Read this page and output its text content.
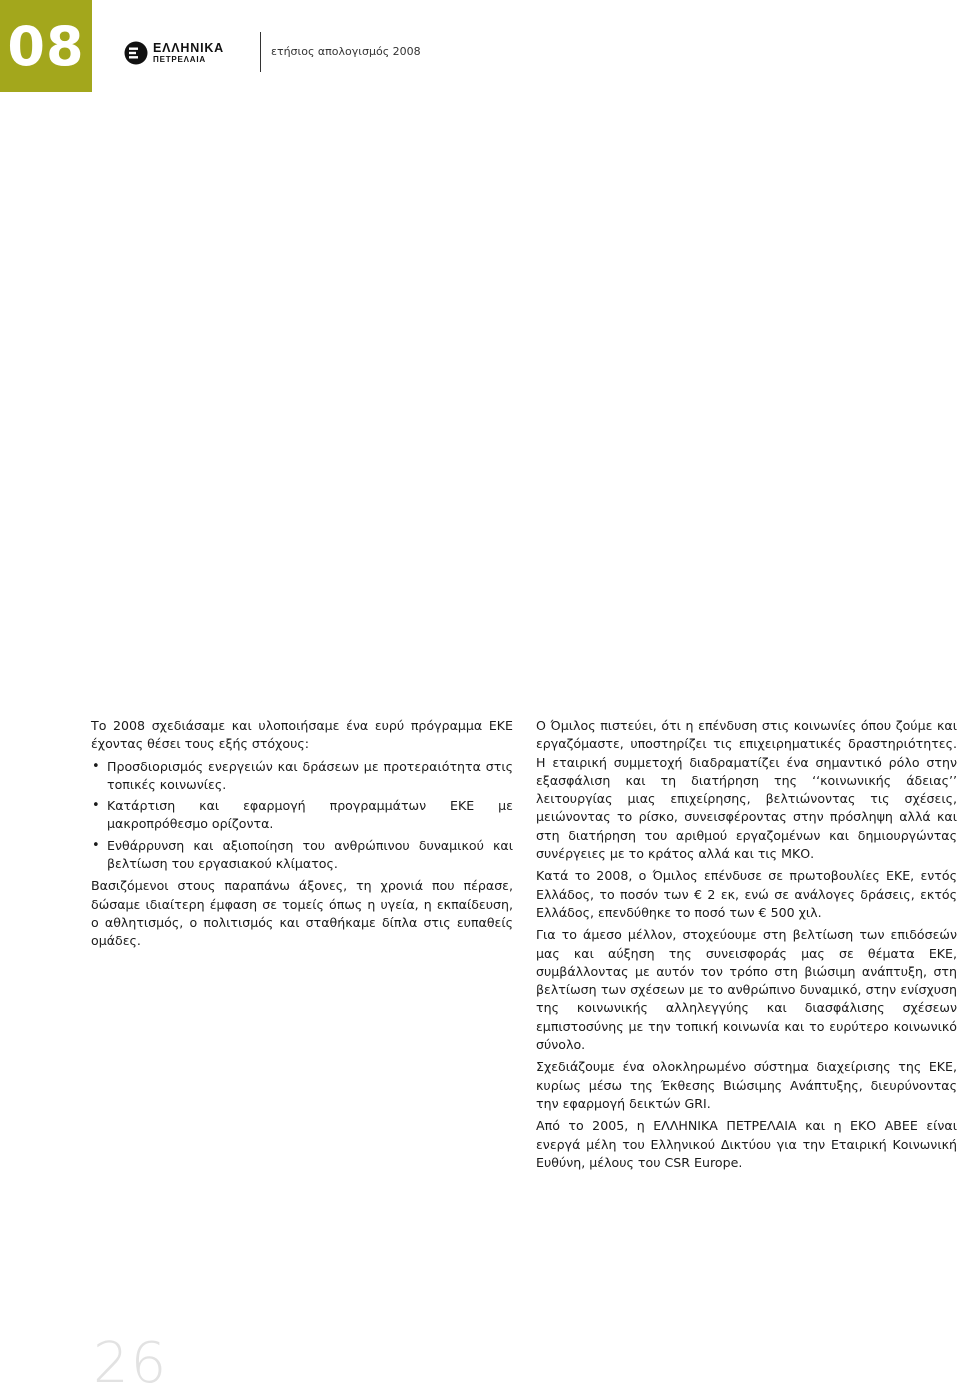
08	ΕΛΛΗΝΙΚΑ
ΠΕΤΡΕΛΑΙΑ
ετήσιος απολογισμός 2008

Το 2008 σχεδιάσαμε και υλοποιήσαμε ένα ευρύ πρόγραμμα ΕΚΕ έχοντας θέσει τους εξής στόχους:

• Προσδιορισμός ενεργειών και δράσεων με προτεραιότητα στις τοπικές κοινωνίες.
• Κατάρτιση και εφαρμογή προγραμμάτων ΕΚΕ με μακροπρόθεσμο ορίζοντα.
• Ενθάρρυνση και αξιοποίηση του ανθρώπινου δυναμικού και βελτίωση του εργασιακού κλίματος.

Βασιζόμενοι στους παραπάνω άξονες, τη χρονιά που πέρασε, δώσαμε ιδιαίτερη έμφαση σε τομείς όπως η υγεία, η εκπαίδευση, ο αθλητισμός, ο πολιτισμός και σταθήκαμε δίπλα στις ευπαθείς ομάδες.

Ο Όμιλος πιστεύει, ότι η επένδυση στις κοινωνίες όπου ζούμε και εργαζόμαστε, υποστηρίζει τις επιχειρηματικές δραστηριότητες. Η εταιρική συμμετοχή διαδραματίζει ένα σημαντικό ρόλο στην εξασφάλιση και τη διατήρηση της ‘‘κοινωνικής άδειας’’ λειτουργίας μιας επιχείρησης, βελτιώνοντας τις σχέσεις, μειώνοντας το ρίσκο, συνεισφέροντας στην πρόσληψη αλλά και στη διατήρηση του αριθμού εργαζομένων και δημιουργώντας συνέργειες με το κράτος αλλά και τις ΜΚΟ.

Κατά το 2008, ο Όμιλος επένδυσε σε πρωτοβουλίες ΕΚΕ, εντός Ελλάδος, το ποσόν των € 2 εκ, ενώ σε ανάλογες δράσεις, εκτός Ελλάδος, επενδύθηκε το ποσό των € 500 χιλ.

Για το άμεσο μέλλον, στοχεύουμε στη βελτίωση των επιδόσεών μας και αύξηση της συνεισφοράς μας σε θέματα ΕΚΕ, συμβάλλοντας με αυτόν τον τρόπο στη βιώσιμη ανάπτυξη, στη βελτίωση των σχέσεων με το ανθρώπινο δυναμικό, στην ενίσχυση της κοινωνικής αλληλεγγύης και διασφάλισης σχέσεων εμπιστοσύνης με την τοπική κοινωνία και το ευρύτερο κοινωνικό σύνολο.

Σχεδιάζουμε ένα ολοκληρωμένο σύστημα διαχείρισης της ΕΚΕ, κυρίως μέσω της Έκθεσης Βιώσιμης Ανάπτυξης, διευρύνοντας την εφαρμογή δεικτών GRI.

Από το 2005, η ΕΛΛΗΝΙΚΑ ΠΕΤΡΕΛΑΙΑ και η ΕΚΟ ΑΒΕΕ είναι ενεργά μέλη του Ελληνικού Δικτύου για την Εταιρική Κοινωνική Ευθύνη, μέλους του CSR Europe.

26
